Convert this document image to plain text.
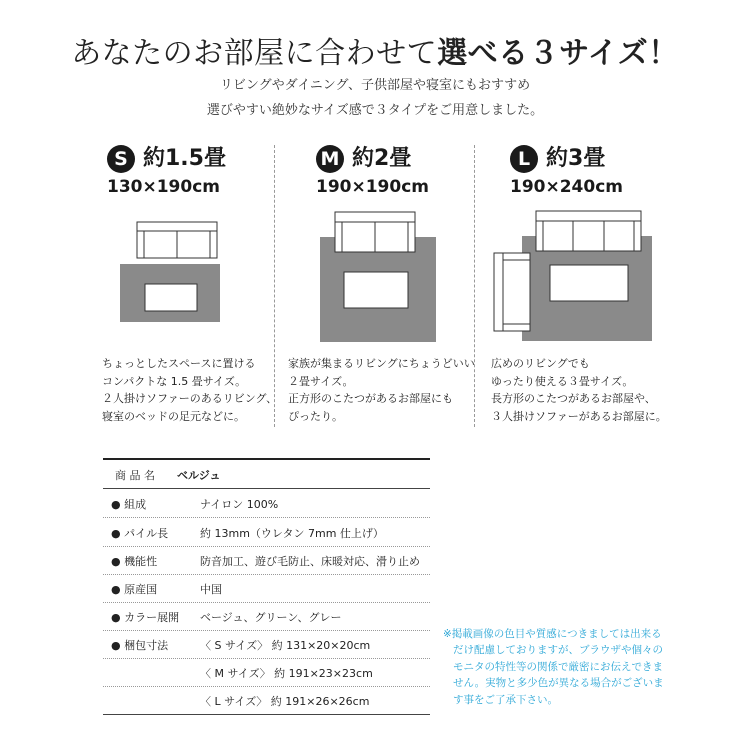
あなたのお部屋に合わせて選べる３サイズ！
リビングやダイニング、子供部屋や寝室にもおすすめ
選びやすい絶妙なサイズ感で３タイプをご用意しました。
S 約1.5畳
130×190cm
ちょっとしたスペースに置ける
コンパクトな 1.5 畳サイズ。
２人掛けソファーのあるリビング、
寝室のベッドの足元などに。
M 約2畳
190×190cm
家族が集まるリビングにちょうどいい
２畳サイズ。
正方形のこたつがあるお部屋にも
ぴったり。
L 約3畳
190×240cm
広めのリビングでも
ゆったり使える３畳サイズ。
長方形のこたつがあるお部屋や、
３人掛けソファーがあるお部屋に。
商 品 名 ベルジュ
● 組成	ナイロン 100%
● パイル長	約 13mm（ウレタン 7mm 仕上げ）
● 機能性	防音加工、遊び毛防止、床暖対応、滑り止め
● 原産国	中国
● カラー展開 ベージュ、グリーン、グレー
● 梱包寸法	〈 S サイズ〉 約 131×20×20cm
〈 M サイズ〉 約 191×23×23cm
〈 L サイズ〉 約 191×26×26cm
※掲載画像の色目や質感につきましては出来る
だけ配慮しておりますが、ブラウザや個々の
モニタの特性等の関係で厳密にお伝えできま
せん。実物と多少色が異なる場合がございま
す事をご了承下さい。
